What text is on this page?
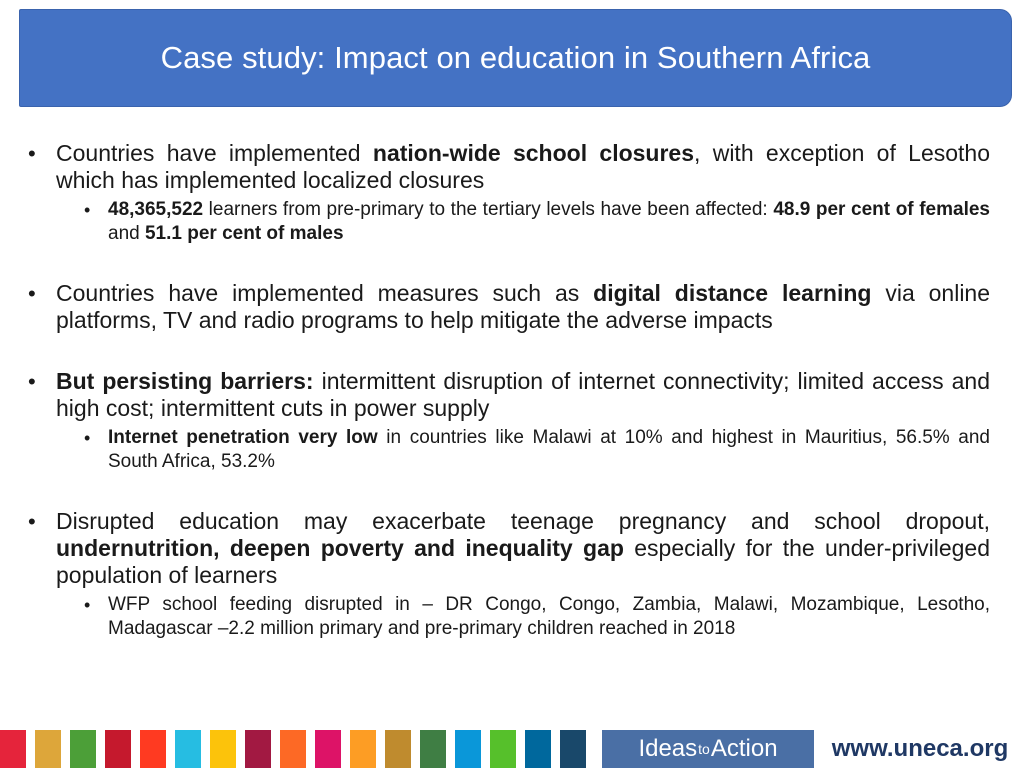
Case study: Impact on education in Southern Africa
• Countries have implemented nation-wide school closures, with exception of Lesotho which has implemented localized closures
• 48,365,522 learners from pre-primary to the tertiary levels have been affected: 48.9 per cent of females and 51.1 per cent of males
• Countries have implemented measures such as digital distance learning via online platforms, TV and radio programs to help mitigate the adverse impacts
• But persisting barriers: intermittent disruption of internet connectivity; limited access and high cost; intermittent cuts in power supply
• Internet penetration very low in countries like Malawi at 10% and highest in Mauritius, 56.5% and South Africa, 53.2%
• Disrupted education may exacerbate teenage pregnancy and school dropout, undernutrition, deepen poverty and inequality gap especially for the under-privileged population of learners
• WFP school feeding disrupted in – DR Congo, Congo, Zambia, Malawi, Mozambique, Lesotho, Madagascar –2.2 million primary and pre-primary children reached in 2018
Ideas to Action	www.uneca.org
